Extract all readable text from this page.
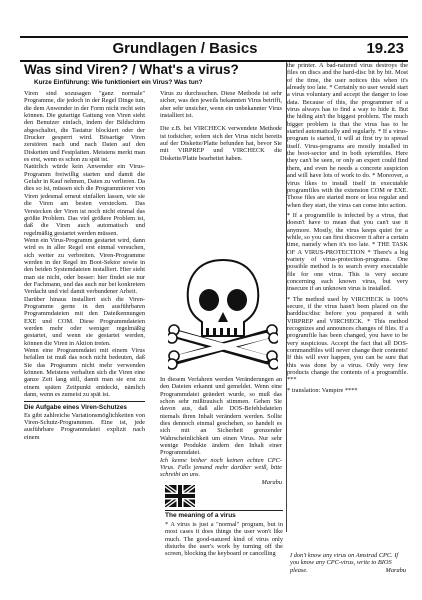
Grundlagen / Basics	19.23
Was sind Viren? / What's a virus?
Kurze Einführung: Wie funktioniert ein Virus? Was tun?

Viren sind sozusagen "ganz normale" Programme, die jedoch in der Regel Dinge tun, die dem Anwender in der Form nicht recht sein können. Die gutartige Gattung von Viren sieht den Benutzer einfach, indem der Bildschirm abgeschaltet, die Tastatur blockiert oder der Drucker gesperrt wird. Bösartige Viren zerstören nach und nach Daten auf den Disketten und Festplatten. Meistens merkt man es erst, wenn es schon zu spät ist.

Natürlich würde kein Anwender ein Virus-Programm freiwillig starten und damit die Gefahr in Kauf nehmen, Daten zu verlieren. Da dies so ist, müssen sich die Programmierer von Viren jedesmal erneut einfallen lassen, wie sie die Viren am besten verstecken. Das Verstecken der Viren ist noch nicht einmal das größte Problem. Das viel größere Problem ist, daß die Viren auch automatisch und regelmäßig gestartet werden müssen.

Wenn ein Virus-Programm gestartet wird, dann wird es in aller Regel erst einmal versuchen, sich weiter zu verbreiten. Viren-Programme werden in der Regel im Boot-Sektor sowie in den beiden Systemdateien installiert. Hier sieht man sie nicht, oder besser: hier findet sie nur der Fachmann, und das auch nur bei konkretem Verdacht und viel damit verbundener Arbeit.

Darüber hinaus installiert sich die Viren-Programme gerne in den ausführbaren Programmdateien mit den Dateikennungen EXE und COM. Diese Programmdateien werden mehr oder weniger regelmäßig gestartet, und wenn sie gestartet werden, können die Viren in Aktion treten.

Wenn eine Programmdatei mit einem Virus befallen ist muß das noch nicht bedeuten, daß Sie das Programm nicht mehr verwenden können. Meistens verhalten sich die Viren eine ganze Zeit lang still, damit man sie erst zu einem späten Zeitpunkt entdeckt, nämlich dann, wenn es zumeist zu spät ist.

Die Aufgabe eines Viren-Schutzes

Es gibt zahlreiche Variationsmöglichkeiten von Viren-Schutz-Programmen. Eine ist, jede ausführbare Programmdatei explizit nach einem

Virus zu durchsuchen. Diese Methode ist sehr sicher, was den jeweils bekannten Virus betrifft, aber sehr unsicher, wenn ein unbekannter Virus installiert ist.

Die z.B. bei VIRCHECK verwendete Methode ist todsicher, sofern sich der Virus nicht bereits auf der Diskette/Platte befunden hat, bevor Sie mit VIRPREP und VIRCHECK die Diskette/Platte bearbeitet haben.

In diesem Verfahren werden Veränderungen an den Dateien erkannt und gemeldet. Wenn eine Programmdatei geändert wurde, so muß das schon sehr mißtrauisch stimmen. Gehen Sie davon aus, daß alle DOS-Befehlsdateien niemals ihren Inhalt verändern werden. Sollte dies dennoch einmal geschehen, so handelt es sich mit an Sicherheit grenzender Wahrscheinlichkeit um einen Virus. Nur sehr wenige Produkte ändern den Inhalt einer Programmdatei.

Ich kenne bisher noch keinen echten CPC-Virus. Falls jemand mehr darüber weiß, bitte schreibt an uns.

Marabu

The meaning of a virus
* A virus is just a "normal" program, but in most cases it does things the user won't like much. The good-natured kind of virus only disturbs the user's work by turning off the screen, blocking the keyboard or cancelling

the printer. A bad-natured virus destroys the files on discs and the hard-disc bit by bit. Most of the time, the user notices this when it's already too late. * Certainly no user would start a virus voluntary and accept the danger to lose data. Because of this, the programmer of a virus always has to find a way to hide it. But the hiding ain't the biggest problem. The much bigger problem is that the virus has to be started automatically and regularly. * If a virus-program is started, it will at first try to spread itself. Virus-programs are mostly installed in the boot-sector and in both sytemfiles. Here they can't be seen, or only an expert could find them, and even he needs a concrete suspicion and will have lots of work to do. * Moreover, a virus likes to install itself in executable programfiles with the extension COM or EXE. Those files are started more or less regular and when they start, the virus can come into action.

* If a programfile is infected by a virus, that doesn't have to mean that you can't use it anymore. Mostly, the virus keeps quiet for a while, so you can first discover it after a certain time, namely when it's too late. * THE TASK OF A VIRUS-PROTECTION * There's a big variety of virus-protection-programs. One possible method is to search every executable file for one virus. This is very secure concerning each known virus, but very insecure if an unknown virus is installed.

* The method used by VIRCHECK is 100% secure, if the virus hasn't been placed on the harddisc/disc before you prepared it with VIRPREP and VIRCHECK. * This method recognizes and announces changes of files. If a programfile has been changed, you have to be very suspicious. Accept the fact that all DOS-commandfiles will never change their contents! If this will ever happen, you can be sure that this was done by a virus. Only very few products change the contents of a programfile. ***

* translation: Vampire ****

I don't know any virus on Amstrad CPC. If you know any CPC-virus, write to BIOS please.	Marabu
